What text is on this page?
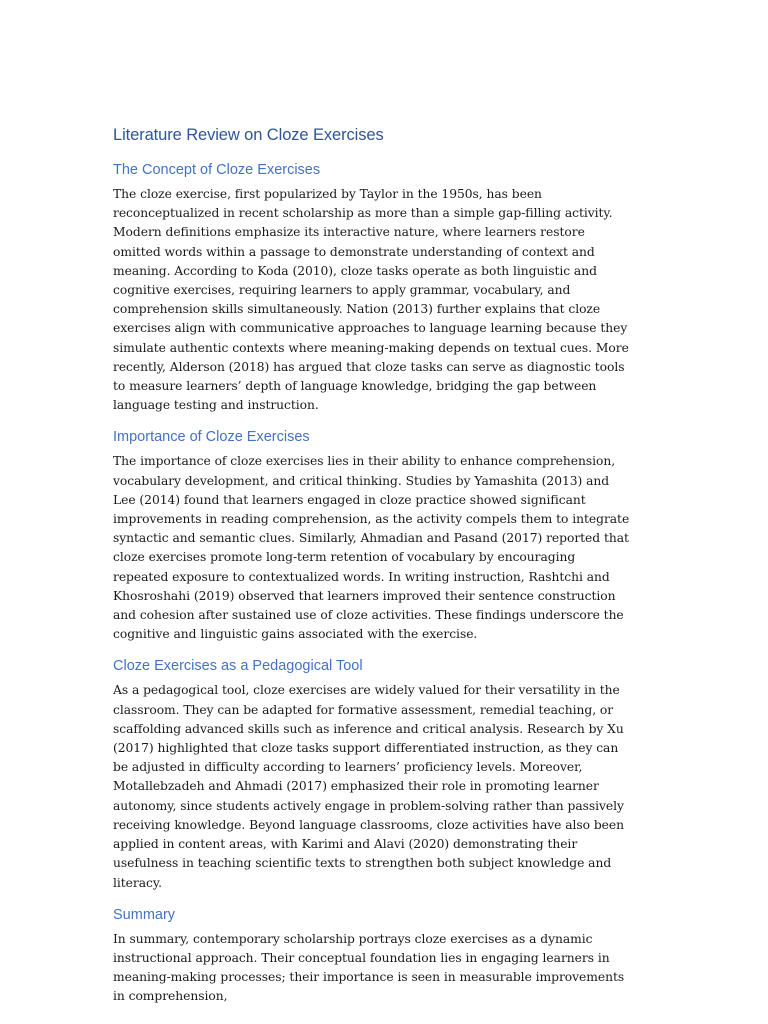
Literature Review on Cloze Exercises
The Concept of Cloze Exercises

The cloze exercise, first popularized by Taylor in the 1950s, has been reconceptualized in recent scholarship as more than a simple gap-filling activity. Modern definitions emphasize its interactive nature, where learners restore omitted words within a passage to demonstrate understanding of context and meaning. According to Koda (2010), cloze tasks operate as both linguistic and cognitive exercises, requiring learners to apply grammar, vocabulary, and comprehension skills simultaneously. Nation (2013) further explains that cloze exercises align with communicative approaches to language learning because they simulate authentic contexts where meaning-making depends on textual cues. More recently, Alderson (2018) has argued that cloze tasks can serve as diagnostic tools to measure learners’ depth of language knowledge, bridging the gap between language testing and instruction.

Importance of Cloze Exercises

The importance of cloze exercises lies in their ability to enhance comprehension, vocabulary development, and critical thinking. Studies by Yamashita (2013) and Lee (2014) found that learners engaged in cloze practice showed significant improvements in reading comprehension, as the activity compels them to integrate syntactic and semantic clues. Similarly, Ahmadian and Pasand (2017) reported that cloze exercises promote long-term retention of vocabulary by encouraging repeated exposure to contextualized words. In writing instruction, Rashtchi and Khosroshahi (2019) observed that learners improved their sentence construction and cohesion after sustained use of cloze activities. These findings underscore the cognitive and linguistic gains associated with the exercise.

Cloze Exercises as a Pedagogical Tool

As a pedagogical tool, cloze exercises are widely valued for their versatility in the classroom. They can be adapted for formative assessment, remedial teaching, or scaffolding advanced skills such as inference and critical analysis. Research by Xu (2017) highlighted that cloze tasks support differentiated instruction, as they can be adjusted in difficulty according to learners’ proficiency levels. Moreover, Motallebzadeh and Ahmadi (2017) emphasized their role in promoting learner autonomy, since students actively engage in problem-solving rather than passively receiving knowledge. Beyond language classrooms, cloze activities have also been applied in content areas, with Karimi and Alavi (2020) demonstrating their usefulness in teaching scientific texts to strengthen both subject knowledge and literacy.

Summary

In summary, contemporary scholarship portrays cloze exercises as a dynamic instructional approach. Their conceptual foundation lies in engaging learners in meaning-making processes; their importance is seen in measurable improvements in comprehension,
